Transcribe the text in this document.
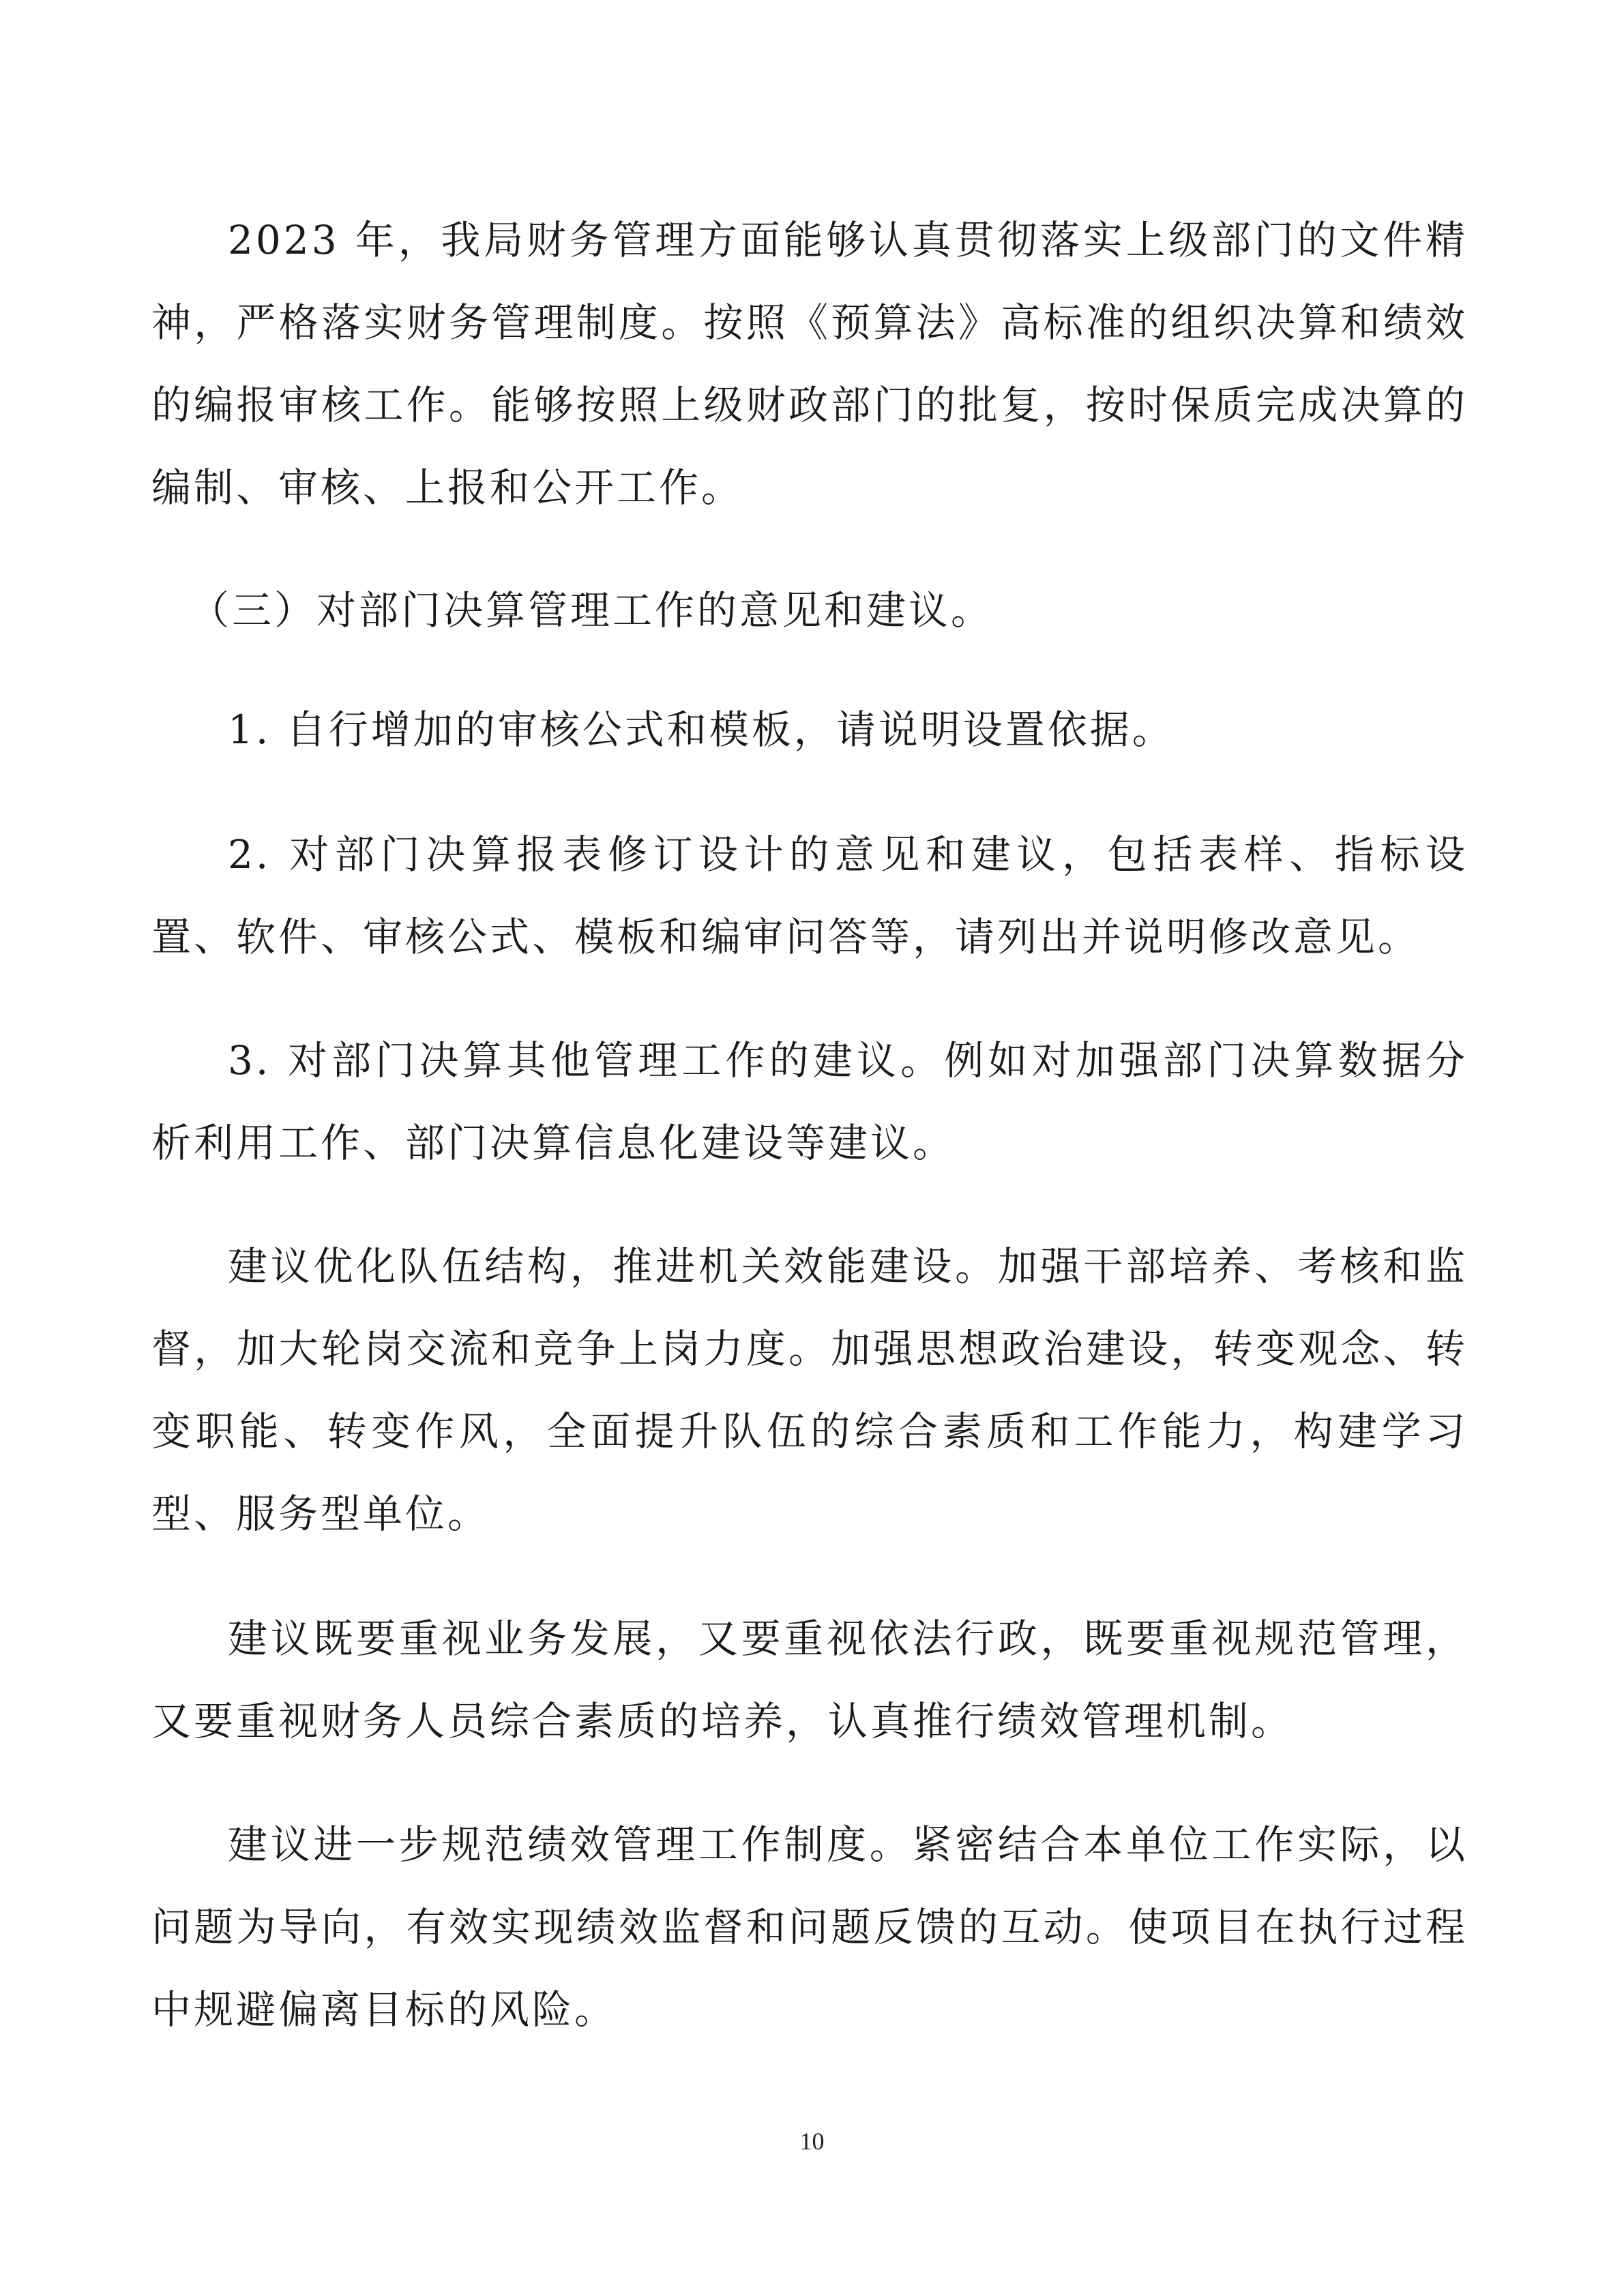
2023 年，我局财务管理方面能够认真贯彻落实上级部门的文件精神，严格落实财务管理制度。按照《预算法》高标准的组织决算和绩效的编报审核工作。能够按照上级财政部门的批复，按时保质完成决算的编制、审核、上报和公开工作。

（三）对部门决算管理工作的意见和建议。

1. 自行增加的审核公式和模板，请说明设置依据。

2. 对部门决算报表修订设计的意见和建议，包括表样、指标设置、软件、审核公式、模板和编审问答等，请列出并说明修改意见。

3. 对部门决算其他管理工作的建议。例如对加强部门决算数据分析利用工作、部门决算信息化建设等建议。

建议优化队伍结构，推进机关效能建设。加强干部培养、考核和监督，加大轮岗交流和竞争上岗力度。加强思想政治建设，转变观念、转变职能、转变作风，全面提升队伍的综合素质和工作能力，构建学习型、服务型单位。

建议既要重视业务发展，又要重视依法行政，既要重视规范管理，又要重视财务人员综合素质的培养，认真推行绩效管理机制。

建议进一步规范绩效管理工作制度。紧密结合本单位工作实际，以问题为导向，有效实现绩效监督和问题反馈的互动。使项目在执行过程中规避偏离目标的风险。

10
